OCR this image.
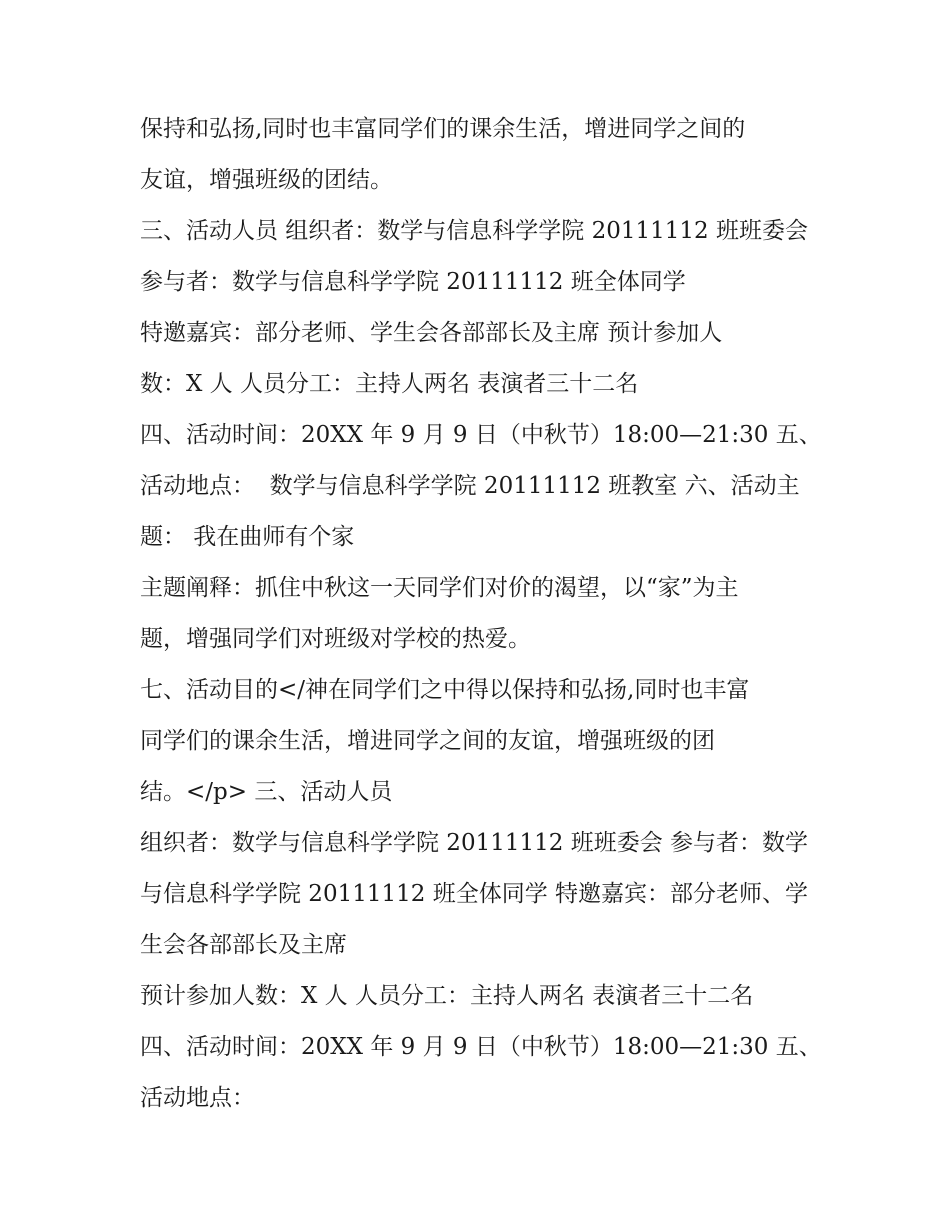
保持和弘扬,同时也丰富同学们的课余生活，增进同学之间的
友谊，增强班级的团结。
三、活动人员 组织者：数学与信息科学学院 20111112 班班委会
参与者：数学与信息科学学院 20111112 班全体同学
特邀嘉宾：部分老师、学生会各部部长及主席 预计参加人
数：X 人 人员分工：主持人两名 表演者三十二名
四、活动时间：20XX 年 9 月 9 日（中秋节）18:00—21:30 五、
活动地点：  数学与信息科学学院 20111112 班教室 六、活动主
题： 我在曲师有个家
主题阐释：抓住中秋这一天同学们对价的渴望，以“家”为主
题，增强同学们对班级对学校的热爱。
七、活动目的</神在同学们之中得以保持和弘扬,同时也丰富
同学们的课余生活，增进同学之间的友谊，增强班级的团
结。</p> 三、活动人员
组织者：数学与信息科学学院 20111112 班班委会 参与者：数学
与信息科学学院 20111112 班全体同学 特邀嘉宾：部分老师、学
生会各部部长及主席
预计参加人数：X 人 人员分工：主持人两名 表演者三十二名
四、活动时间：20XX 年 9 月 9 日（中秋节）18:00—21:30 五、
活动地点：
